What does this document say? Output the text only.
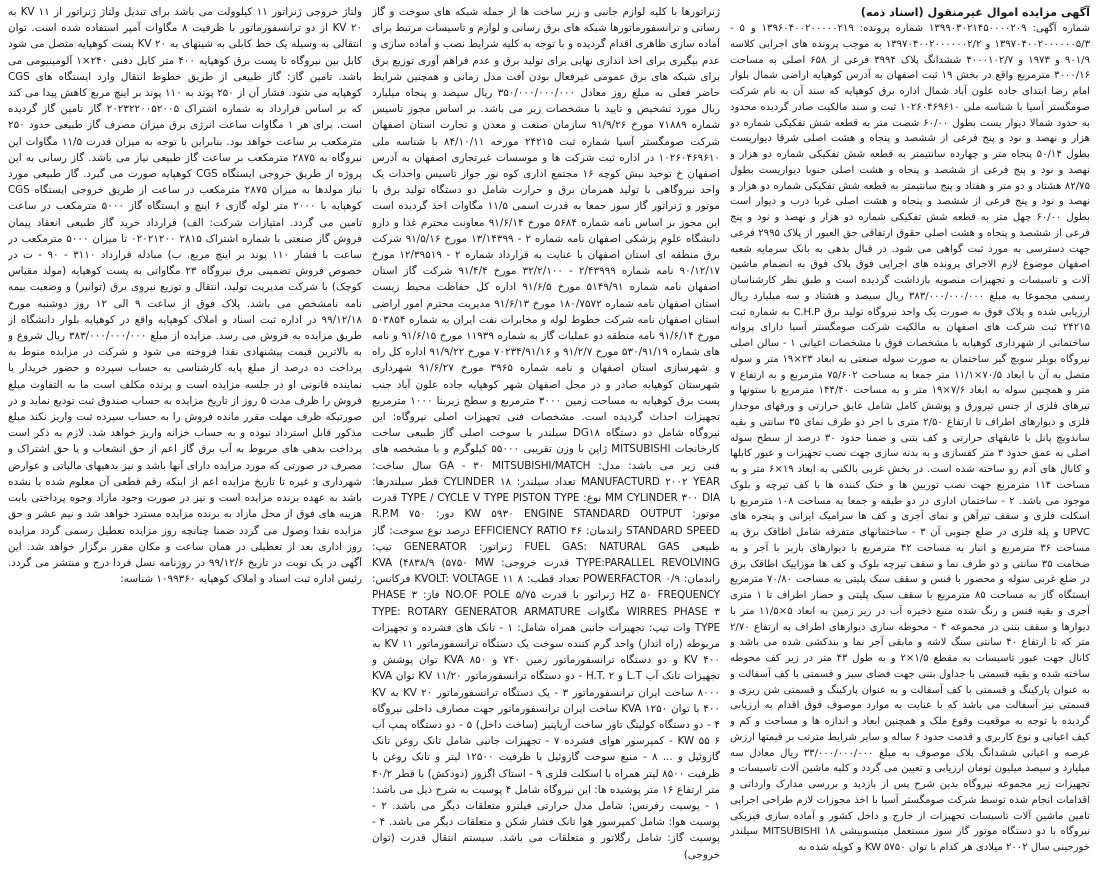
آگهی مزایده اموال غیرمنقول (اسناد ذمه)
شماره آگهی: ۱۳۹۹۰۳۰۲۱۴۵۰۰۰۰۲۰۹ شماره پرونده: ۱۳۹۶۰۴۰۰۲۰۰۰۰۰۲۱۹ و ۵ - ۱۳۹۷۰۴۰۰۲۰۰۰۰۰۰۵/۳ و ۱۳۹۷۰۴۰۰۲۰۰۰۰۰۰۲/۲ به موجب پرونده های اجرایی کلاسه ۹۰۱/۹ و ۱۹۷۳ و ۴۰۰۰۱۰۲/۷ ششدانگ پلاک ۳۹۹۴ فرعی از ۶۵۸ اصلی به مساحت ۳۰۰۰/۱۶ مترمربع واقع در بخش ۱۹ ثبت اصفهان به آدرس کوهپایه اراضی شمال بلوار امام رضا ابتدای جاده علون آباد شمال اداره برق کوهپایه که سند آن به نام شرکت صومگستر آسیا با شناسه ملی ۱۰۲۶۰۴۶۹۶۱۰ ثبت و سند مالکیت صادر گردیده محدود به حدود شمالا دیوار یست بطول ۶۰/۰۰ شصت متر به قطعه شش تفکیکی شماره دو هزار و نهصد و نود و پنج فرعی از ششصد و پنجاه و هشت اصلی شرقا دیواریست بطول ۵۰/۱۴ پنجاه متر و چهارده سانتیمتر به قطعه شش تفکیکی شماره دو هزار و نهصد و نود و پنج فرعی از ششصد و پنجاه و هشت اصلی جنوبا دیواریست بطول ۸۲/۷۵ هشتاد و دو متر و هفتاد و پنج سانتیمتر به قطعه شش تفکیکی شماره دو هزار و نهصد و نود و پنج فرعی از ششصد و پنجاه و هشت اصلی غربا درب و دیوار است بطول ۶۰/۰۰ چهل متر به قطعه شش تفکیکی شماره دو هزار و نهصد و نود و پنج فرعی از ششصد و پنجاه و هشت اصلی حقوق ارتفاقی حق العبور از پلاک ۲۹۹۵ فرعی جهت دسترسی به مورد ثبت گواهی می شود. در قبال بدهی به بانک سرمایه شعبه اصفهان موضوع لازم الاجرای پرونده های اجرایی فوق پلاک فوق به انضمام ماشین آلات و تاسیسات و تجهیزات منصوبه بازداشت گردیده است و طبق نظر کارشناسان رسمی مجموعا به مبلغ ۳۸۳/۰۰۰/۰۰۰/۰۰۰ ریال سیصد و هشتاد و سه میلیارد ریال ارزیابی شده و پلاک فوق به صورت یک واحد نیروگاه تولید برق C.H.P به شماره ثبت ۲۴۲۱۵ ثبت شرکت های اصفهان به مالکیت شرکت صومگستر آسیا دارای پروانه ساختمانی از شهرداری کوهپایه با مشخصات فوق با مشخصات اعیانی ۱ - سالن اصلی نیروگاه بوبلر سوبچ گیر ساختمان به صورت سوله صنعتی به ابعاد ۲۳×۱۹ متر و سوله متصل به آن با ابعاد ۷۰/۵×۱۱/۱ متر جمعا به مساحت ۷۵/۶۰۲ مترمربع و به ارتفاع ۷ متر و همچنین سوله به ابعاد ۷/۶×۱۹ متر و به مساحت ۱۴۴/۴۰ مترمربع با ستونها و تیرهای فلزی از جنس تیرورق و پوشش کامل شامل عایق حرارتی و ورقهای موجدار فلزی و دیوارهای اطراف تا ارتفاع ۲/۵۰ متری با اجر دو طرف نمای ۳۵ سانتی و بقیه ساندویچ پانل با عایقهای حرارتی و کف بتنی و ضمنا حدود ۳۰ درصد از سطح سوله اصلی به عمق حدود ۳ متر کفسازی و به بدنه سازی جهت نصب تجهیزات و عبور کابلها و کانال های آدم رو ساخته شده است. در بخش غربی بالکنی به ابعاد ۱۹×۶ متر و به مساحت ۱۱۴ مترمربع جهت نصب توربین ها و خنک کننده ها با کف تیرچه و بلوک موجود می باشد. ۲ - ساختمان اداری در دو طبقه و جمعا به مساحت ۱۰۸ مترمربع با اسکلت فلزی و سقف تیرآهن و نمای آجری و کف ها سرامیک ایرانی و پنجره های UPVC و پله فلزی در ضلع جنوبی آن ۳ - ساختمانهای متفرقه شامل اطاقک برق به مساحت ۳۶ مترمربع و انبار به مساحت ۴۲ مترمربع با دیوارهای باربر با آجر و به ضخامت ۳۵ سانتی و دو طرف نما و سقف تیرچه بلوک و کف ها موزاییک اطاقک برق در ضلع غربی سوله و محصور با فنس و سقف سبک پلیتی به مساحت ۷۰/۸۰ مترمربع ایستگاه گاز به مساحت ۸۵ مترمربع با سقف سبک پلیتی و حصار اطراف تا ۱ متری آجری و بقیه فنس و رنگ شده منبع ذخیره آب در زیر زمین به ابعاد ۵×۱۱/۵ متر با دیوارها و سقف بتنی در مجموعه ۴ - محوطه سازی دیوارهای اطراف به ارتفاع ۲/۷۰ متر که تا ارتفاع ۴۰ سانتی سنگ لاشه و مابقی آجر نما و بندکشی شده می باشد و کانال جهت عبور تاسیسات به مقطع ۱/۵×۲ و به طول ۴۳ متر در زیر کف محوطه ساخته شده و بقیه قسمتی با جداول بتنی جهت فضای سبز و قسمتی با کف آسفالت و به عنوان پارکینگ و قسمتی با کف آسفالت و به عنوان پارکینگ و قسمتی شن ریزی و قسمتی نیز آسفالت می باشد که با عنایت به موارد موصوف فوق اقدام به ارزیابی گردیده با توجه به موقعیت وقوع ملک و همچنین ابعاد و اندازه ها و مساحت و کم و کیف اعیانی و نوع کاربری و قدمت حدود ۶ ساله و سایر شرایط مترتب بر قیمتها ارزش عرصه و اعیانی ششدانگ پلاک موصوف به مبلغ ۳۳/۰۰۰/۰۰۰/۰۰۰ ریال معادل سه میلیارد و سیصد میلیون تومان ارزیابی و تعیین می گردد و کلیه ماشین آلات تاسیسات و تجهیزات زیر مجموعه نیروگاه بدین شرح پس از بازدید و بررسی مدارک وارداتی و اقدامات انجام شده توسط شرکت صومگستر آسیا با اخذ مجوزات لازم طراحی اجرایی تامین ماشین آلات تاسیسات تجهیزات از خارج و داخل کشور و آماده سازی فیزیکی نیروگاه با دو دستگاه موتور گاز سوز مستعمل میتسوبیشی MITSUBISHI ۱۸ سیلندر خورجینی سال ۲۰۰۲ میلادی هر کدام با توان KW ۵۷۵۰ و کوپله شده به
ژنراتورها با کلیه لوازم جانبی و زیر ساخت ها از جمله شبکه های سوخت و گاز رسانی و ترانسفورماتورها شبکه های برق رسانی و لوازم و تاسیسات مرتبط برای آماده سازی ظاهری اقدام گردیده و با توجه به کلیه شرایط نصب و آماده سازی و عدم بیگیری برای اخذ اندازی نهایی برای تولید برق و عدم فراهم آوری توزیع برق برای شبکه های برق عمومی غیرفعال بودن آفت مدل زمانی و همچنین شرایط حاضر فعلی به مبلغ روز معادل ۳۵۰/۰۰۰/۰۰۰/۰۰۰ ریال سیصد و پنجاه میلیارد ریال مورد تشخیص و تایید با مشخصات زیر می باشد. بر اساس مجوز تاسیس شماره ۷۱۸۸۹ مورخ ۹۱/۹/۲۶ سازمان صنعت و معدن و تجارت استان اصفهان شرکت صومگستر آسیا شماره ثبت ۲۴۲۱۵ مورخه ۸۴/۱۰/۱۱ با شناسه ملی ۱۰۲۶۰۴۶۹۶۱۰ در اداره ثبت شرکت ها و موسسات غیرتجاری اصفهان به آدرس اصفهان خ توحید نبش کوچه ۱۶ مجتمع اداری کوه نور جواز تاسیس واحدات یک واحد نیروگاهی با تولید همزمان برق و حرارت شامل دو دستگاه تولید برق با موتور و ژنراتور گاز سوز جمعا به قدرت اسمی ۱۱/۵ مگاوات اخذ گردیده است این مجوز بر اساس نامه شماره ۵۶۸۴ مورخ ۹۱/۶/۱۴ معاونت محترم غذا و دارو دانشگاه علوم پزشکی اصفهان نامه شماره ۲ - ۱۳/۱۴۳۹۹ مورخ ۹۱/۵/۱۶ شرکت برق منطقه ای استان اصفهان با عنایت به قرارداد شماره ۲ - ۱۲/۳۹۵۱۹ مورخ ۹۰/۱۲/۱۷ نامه شماره ۲/۴۳۹۹۹ - ۳۲/۲/۱۰۰ مورخ ۹۱/۴/۴ شرکت گاز استان اصفهان نامه شماره ۵۱۴۹/۹۱ مورخ ۹۱/۶/۵ اداره کل حفاظت محیط زیست استان اصفهان نامه شماره ۱۸۰/۷۵۷۲ مورخ ۹۱/۶/۱۳ مدیریت محترم امور اراضی استان اصفهان نامه شرکت خطوط لوله و مخابرات نفت ایران به شماره ۵۰۳۸۵۴ مورخ ۹۱/۶/۱۴ نامه منطقه دو عملیات گاز به شماره ۱۱۹۳۹ مورخ ۹۱/۶/۱۵ و نامه های شماره ۵۳۰/۹۱/۱۹ مورخ ۹۱/۲/۷ و ۷۰۲۳۴/۹۱/۱۶ مورخ ۹۱/۹/۲۲ اداره کل راه و شهرسازی استان اصفهان و نامه شماره ۳۹۶۵ مورخ ۹۱/۶/۲۷ شهرداری شهرستان کوهپایه صادر و در محل اصفهان شهر کوهپایه جاده علون آباد جنب پست برق کوهپایه به مساحت زمین ۳۰۰۰ مترمربع و سطح زیربنا ۱۰۰۰ مترمربع تجهیزات احداث گردیده است. مشخصات فنی تجهیزات اصلی نیروگاه: این نیروگاه شامل دو دستگاه DG۱۸ سیلندر با سوخت اصلی گاز طبیعی ساخت کارخانجات MITSUBISHI ژاپن با وزن تقریبی ۵۵۰۰۰ کیلوگرم و با مشخصه های فنی زیر می باشد: مدل: GA - ۳۰ MITSUBISHI/MATCH سال ساخت: MANUFACTURD ۲۰۰۲ YEAR تعداد سیلندر: CYLINDER ۱۸ قطر سیلندرها: MM CYLINDER ۳۰۰ DIA نوع: TYPE / CYCLE V TYPE PISTON TYPE قدرت موتور: KW ۵۹۳۰ ENGINE STANDARD OUTPUT دور: R.P.M ۷۵۰ STANDARD SPEED راندمان: EFFICIENCY RATIO ۴۶ درصد نوع سوخت: گاز طبیعی FUEL GAS: NATURAL GAS ژنراتور: GENERATOR تیپ: TYPE:PARALLEL REVOLVING قدرت خروجی: KVA (۴۸۳۸/۹ (۵۷۵۰ MW راندمان: ۰/۹ POWERFACTOR تعداد قطب: ۸ KVOLT: VOLTAGE ۱۱ فرکانس: HZ ۵۰ FREQUENCY ژنراتور با قدرت ۵/۷۵ NO.OF POLE فاز: PHASE ۳ WIRRES PHASE ۳ مگاوات TYPE: ROTARY GENERATOR ARMATURE TYPE وات تیپ: تجهیزات جانبی همراه شامل: ۱ - تانک های فشرده و تجهیزات مربوطه (راه انداز) واحد گرم کننده سوخت یک دستگاه ترانسفورماتور KV ۱۱ به KV ۴۰۰ و دو دستگاه ترانسفورماتور زمین ۷۴۰ و KVA ۸۵۰ توان پوشش و تجهیزات تانک آب L.T و H.T. ۲ - دو دستگاه ترانسفورماتور KV ۱۱/۲۰ توان KVA ۸۰۰۰ ساخت ایران ترانسفورماتور ۳ - یک دستگاه ترانسفورماتور KV ۲۰ به KV ۴۰۰ با توان KVA ۱۲۵۰ ساخت ایران ترانسفورماتور جهت مصارف داخلی نیروگاه ۴ - دو دستگاه کولینگ تاور ساخت آریاپنیز (ساخت داخل) ۵ - دو دستگاه پمپ آب KW ۵۵ ۶ - کمپرسور هوای فشرده ۷ - تجهیزات جانبی شامل تانک روغن تانک گازوئیل و ... ۸ - منبع سوخت گازوئیل با ظرفیت ۱۲۵۰۰ لیتر و تانک روغن با ظرفیت ۸۵۰۰ لیتر همراه با اسکلت فلزی ۹ - استاک اگزوز (دودکش) با قطر ۴۰/۲ متر ارتفاع ۱۶ متر پوشیده ها: این نیروگاه شامل ۴ پوسیت به شرح ذیل می باشد: ۱ - پوسیت رفرنس: شامل مدل حرارتی فیلترو متعلقات دیگر می باشد. ۲ - پوسیت هوا: شامل کمپرسور هوا تانک فشار شکن و متعلقات دیگر می باشد. ۴ - پوسیت گاز: شامل رگلاتور و متعلقات می باشد. سیستم انتقال قدرت (توان خروجی)
ولتاژ خروجی ژنراتور ۱۱ کیلوولت می باشد برای تبدیل ولتاژ ژنراتور از KV ۱۱ به KV ۲۰ از دو ترانسفورماتور با ظرفیت ۸ مگاوات آمپر استفاده شده است. توان انتقالی به وسیله یک خط کابلی به شینهای به KV ۲۰ پست کوهپایه متصل می شود کابل بین نیروگاه تا پست برق کوهپایه ۴۰۰ متر کابل دفنی ۲۴۰×۱ آلومینیومی می باشد. تامین گاز: گاز طبیعی از طریق خطوط انتقال وارد ایستگاه های CGS کوهپایه می شود. فشار آن از ۲۵۰ پوند به ۱۱۰ پوند بر اینچ مربع کاهش پیدا می کند که بر اساس قرارداد به شماره اشتراک ۲۰۲۳۲۲۰۰۵۲۰۰۵ گاز تامین گاز گردیده است. برای هر ۱ مگاوات ساعت انرژی برق میزان مصرف گاز طبیعی حدود ۲۵۰ مترمکعب بر ساعت خواهد بود. بنابراین با توجه به میزان قدرت ۱۱/۵ مگاوات این نیروگاه به ۲۸۷۵ مترمکعب بر ساعت گاز طبیعی نیاز می باشد. گاز رسانی به این پروژه از طریق خروجی ایستگاه CGS کوهپایه صورت می گیرد. گاز طبیعی مورد نیاز مولدها به میزان ۲۸۷۵ مترمکعب در ساعت از طریق خروجی ایستگاه CGS کوهپایه با ۲۰۰۰ متر لوله گازی ۶ اینچ و ایستگاه گاز ۵۰۰۰ مترمکعب در ساعت تامین می گردد. امتیازات شرکت: الف) قرارداد خرید گاز طبیعی انعقاد پیمان فروش گاز صنعتی با شماره اشتراک ۲۸۱۵ ۰۲۰۲۱۲۰۰ تا میزان ۵۰۰۰ مترمکعب در ساعت با فشار ۱۱۰ پوند بر اینچ مربع. ب) مبادله قرارداد ۳۱۱۰ - ۹۰ - ت در خصوص فروش تضمینی برق نیروگاه ۲۳ مگاواتی به پست کوهپایه (مولد مقیاس کوچک) با شرکت مدیریت تولید، انتقال و توزیع نیروی برق (توانیر) و وضعیت بیمه نامه نامشخص می باشد. پلاک فوق از ساعت ۹ الی ۱۲ روز دوشنبه مورخ ۹۹/۱۲/۱۸ در اداره ثبت اسناد و املاک کوهپایه واقع در کوهپایه بلوار دانشگاه از طریق مزایده به فروش می رسد. مزایده از مبلغ ۳۸۳/۰۰۰/۰۰۰/۰۰۰ ریال شروع و به بالاترین قیمت پیشنهادی نقدا فروخته می شود و شرکت در مزایده منوط به پرداخت ده درصد از مبلغ پایه کارشناسی به حساب سپرده و حضور خریدار یا نماینده قانونی او در جلسه مزایده است و برنده مکلف است ما به التفاوت مبلغ فروش را ظرف مدت ۵ روز از تاریخ مزایده به حساب صندوق ثبت تودیع نماید و در صورتیکه ظرف مهلت مقرر مانده فروش را به حساب سپرده ثبت واریز نکند مبلغ مذکور قابل استرداد نبوده و به حساب خزانه واریز خواهد شد. لازم به ذکر است پرداخت بدهی های مربوط به آب برق گاز اعم از حق انشعاب و یا حق اشتراک و مصرف در صورتی که مورد مزایده دارای آنها باشد و نیز بدهیهای مالیاتی و عوارض شهرداری و غیره تا تاریخ مزایده اعم از اینکه رقم قطعی آن معلوم شده یا نشده باشد به عهده برنده مزایده است و نیز در صورت وجود مازاد وجوه پرداختی بابت هزینه های فوق از محل مازاد به برنده مزایده مسترد خواهد شد و نیم عشر و حق مزایده نقدا وصول می گردد ضمنا چنانچه روز مزایده تعطیل رسمی گردد مزایده روز اداری بعد از تعطیلی در همان ساعت و مکان مقرر برگزار خواهد شد. این آگهی در یک نوبت در تاریخ ۹۹/۱۲/۶ در روزنامه نسل فردا درج و منتشر می گردد. رئیس اداره ثبت اسناد و املاک کوهپایه ۱۰۹۹۳۶۰ شناسه:
